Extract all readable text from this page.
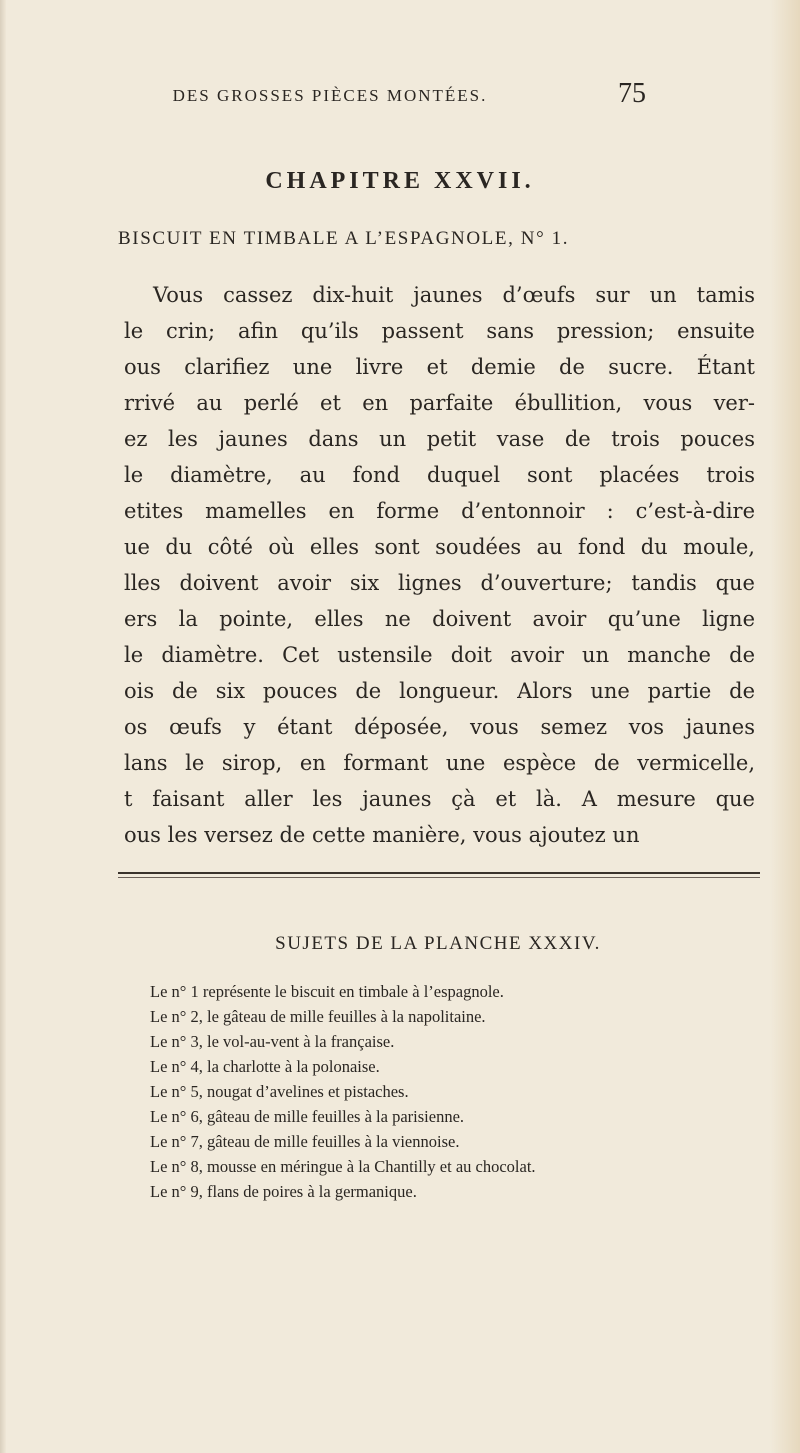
DES GROSSES PIÈCES MONTÉES.	75
CHAPITRE XXVII.
BISCUIT EN TIMBALE A L’ESPAGNOLE, N° 1.
Vous cassez dix-huit jaunes d’œufs sur un tamis
le crin; afin qu’ils passent sans pression; ensuite
ous clarifiez une livre et demie de sucre. Étant
rrivé au perlé et en parfaite ébullition, vous ver-
ez les jaunes dans un petit vase de trois pouces
le diamètre, au fond duquel sont placées trois
etites mamelles en forme d’entonnoir : c’est-à-dire
ue du côté où elles sont soudées au fond du moule,
lles doivent avoir six lignes d’ouverture; tandis que
ers la pointe, elles ne doivent avoir qu’une ligne
le diamètre. Cet ustensile doit avoir un manche de
ois de six pouces de longueur. Alors une partie de
os œufs y étant déposée, vous semez vos jaunes
lans le sirop, en formant une espèce de vermicelle,
t faisant aller les jaunes çà et là. A mesure que
ous les versez de cette manière, vous ajoutez un
SUJETS DE LA PLANCHE XXXIV.
Le n° 1 représente le biscuit en timbale à l’espagnole.
Le n° 2, le gâteau de mille feuilles à la napolitaine.
Le n° 3, le vol-au-vent à la française.
Le n° 4, la charlotte à la polonaise.
Le n° 5, nougat d’avelines et pistaches.
Le n° 6, gâteau de mille feuilles à la parisienne.
Le n° 7, gâteau de mille feuilles à la viennoise.
Le n° 8, mousse en méringue à la Chantilly et au chocolat.
Le n° 9, flans de poires à la germanique.
